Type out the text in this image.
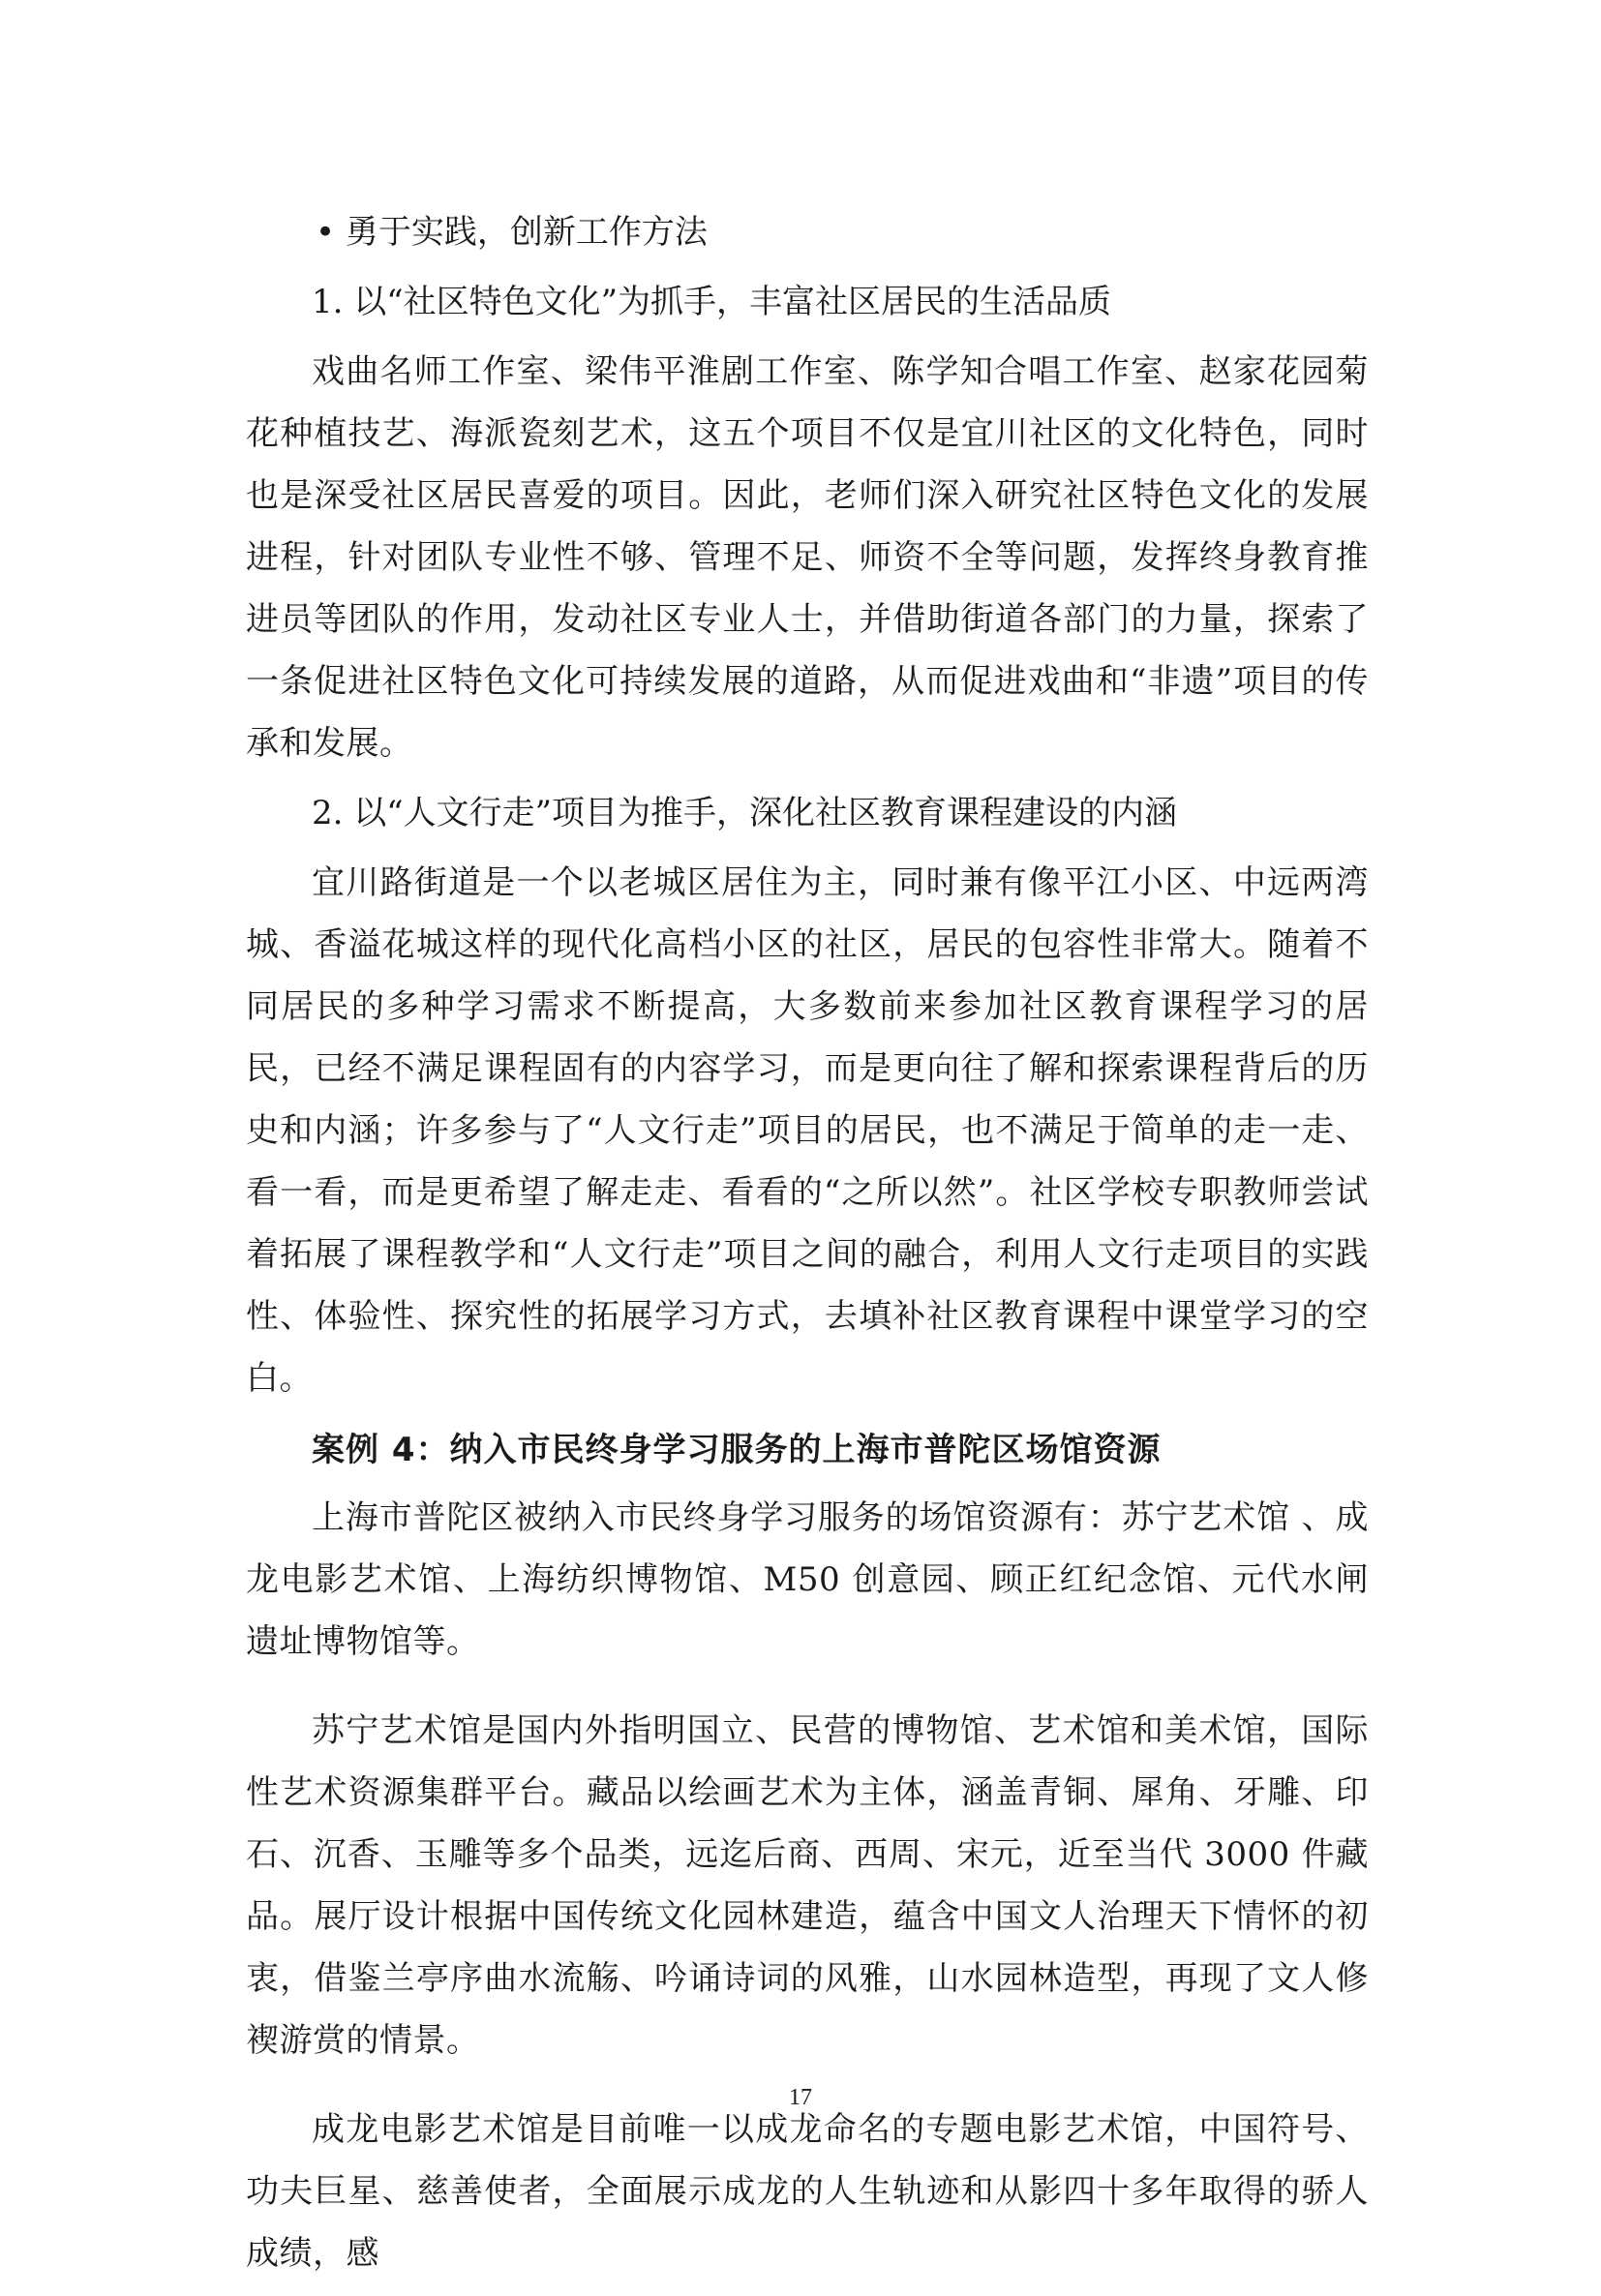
• 勇于实践，创新工作方法
1. 以“社区特色文化”为抓手，丰富社区居民的生活品质

戏曲名师工作室、梁伟平淮剧工作室、陈学知合唱工作室、赵家花园菊花种植技艺、海派瓷刻艺术，这五个项目不仅是宜川社区的文化特色，同时也是深受社区居民喜爱的项目。因此，老师们深入研究社区特色文化的发展进程，针对团队专业性不够、管理不足、师资不全等问题，发挥终身教育推进员等团队的作用，发动社区专业人士，并借助街道各部门的力量，探索了一条促进社区特色文化可持续发展的道路，从而促进戏曲和“非遗”项目的传承和发展。

2. 以“人文行走”项目为推手，深化社区教育课程建设的内涵

宜川路街道是一个以老城区居住为主，同时兼有像平江小区、中远两湾城、香溢花城这样的现代化高档小区的社区，居民的包容性非常大。随着不同居民的多种学习需求不断提高，大多数前来参加社区教育课程学习的居民，已经不满足课程固有的内容学习，而是更向往了解和探索课程背后的历史和内涵；许多参与了“人文行走”项目的居民，也不满足于简单的走一走、看一看，而是更希望了解走走、看看的“之所以然”。社区学校专职教师尝试着拓展了课程教学和“人文行走”项目之间的融合，利用人文行走项目的实践性、体验性、探究性的拓展学习方式，去填补社区教育课程中课堂学习的空白。

案例 4：纳入市民终身学习服务的上海市普陀区场馆资源

上海市普陀区被纳入市民终身学习服务的场馆资源有：苏宁艺术馆 、成龙电影艺术馆、上海纺织博物馆、M50 创意园、顾正红纪念馆、元代水闸遗址博物馆等。

苏宁艺术馆是国内外指明国立、民营的博物馆、艺术馆和美术馆，国际性艺术资源集群平台。藏品以绘画艺术为主体，涵盖青铜、犀角、牙雕、印石、沉香、玉雕等多个品类，远迄后商、西周、宋元，近至当代 3000 件藏品。展厅设计根据中国传统文化园林建造，蕴含中国文人治理天下情怀的初衷，借鉴兰亭序曲水流觞、吟诵诗词的风雅，山水园林造型，再现了文人修褉游赏的情景。

成龙电影艺术馆是目前唯一以成龙命名的专题电影艺术馆，中国符号、功夫巨星、慈善使者，全面展示成龙的人生轨迹和从影四十多年取得的骄人成绩，感

17
